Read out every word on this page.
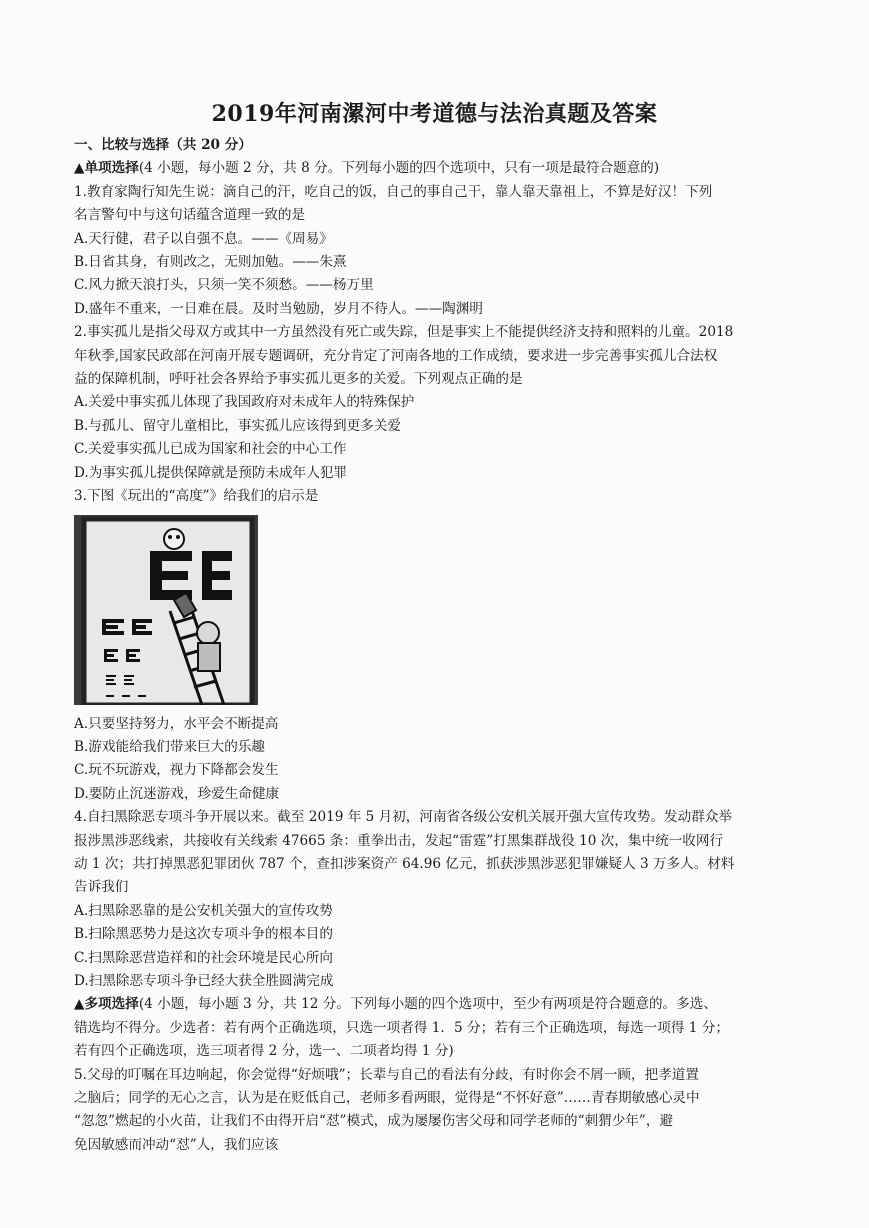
2019年河南漯河中考道德与法治真题及答案
一、比较与选择（共 20 分）
▲单项选择(4 小题，每小题 2 分，共 8 分。下列每小题的四个选项中，只有一项是最符合题意的)
1.教育家陶行知先生说：滴自己的汗，吃自己的饭，自己的事自己干，靠人靠天靠祖上，不算是好汉！下列
名言警句中与这句话蕴含道理一致的是
A.天行健，君子以自强不息。——《周易》
B.日省其身，有则改之，无则加勉。——朱熹
C.风力掀天浪打头，只须一笑不须愁。——杨万里
D.盛年不重来，一日难在晨。及时当勉励，岁月不待人。——陶渊明
2.事实孤儿是指父母双方或其中一方虽然没有死亡或失踪，但是事实上不能提供经济支持和照料的儿童。2018
年秋季,国家民政部在河南开展专题调研，充分肯定了河南各地的工作成绩，要求进一步完善事实孤儿合法权
益的保障机制，呼吁社会各界给予事实孤儿更多的关爱。下列观点正确的是
A.关爱中事实孤儿体现了我国政府对未成年人的特殊保护
B.与孤儿、留守儿童相比，事实孤儿应该得到更多关爱
C.关爱事实孤儿已成为国家和社会的中心工作
D.为事实孤儿提供保障就是预防未成年人犯罪
3.下图《玩出的“高度”》给我们的启示是
A.只要坚持努力，水平会不断提高
B.游戏能给我们带来巨大的乐趣
C.玩不玩游戏，视力下降都会发生
D.要防止沉迷游戏，珍爱生命健康
4.自扫黑除恶专项斗争开展以来。截至 2019 年 5 月初，河南省各级公安机关展开强大宣传攻势。发动群众举
报涉黑涉恶线索，共接收有关线索 47665 条：重拳出击，发起“雷霆”打黑集群战役 10 次，集中统一收网行
动 1 次；共打掉黑恶犯罪团伙 787 个，查扣涉案资产 64.96 亿元，抓获涉黑涉恶犯罪嫌疑人 3 万多人。材料
告诉我们
A.扫黑除恶靠的是公安机关强大的宣传攻势
B.扫除黑恶势力是这次专项斗争的根本目的
C.扫黑除恶营造祥和的社会环境是民心所向
D.扫黑除恶专项斗争已经大获全胜圆满完成
▲多项选择(4 小题，每小题 3 分，共 12 分。下列每小题的四个选项中，至少有两项是符合题意的。多选、
错选均不得分。少选者：若有两个正确选项，只选一项者得 1．5 分；若有三个正确选项，每选一项得 1 分；
若有四个正确选项，选三项者得 2 分，选一、二项者均得 1 分)
5.父母的叮嘱在耳边响起，你会觉得“好烦哦”；长辈与自己的看法有分歧，有时你会不屑一顾，把孝道置
之脑后；同学的无心之言，认为是在贬低自己，老师多看两眼，觉得是“不怀好意”……青春期敏感心灵中
“忽忽”燃起的小火苗，让我们不由得开启“怼”模式，成为屡屡伤害父母和同学老师的“刺猬少年”，避
免因敏感而冲动“怼”人，我们应该
